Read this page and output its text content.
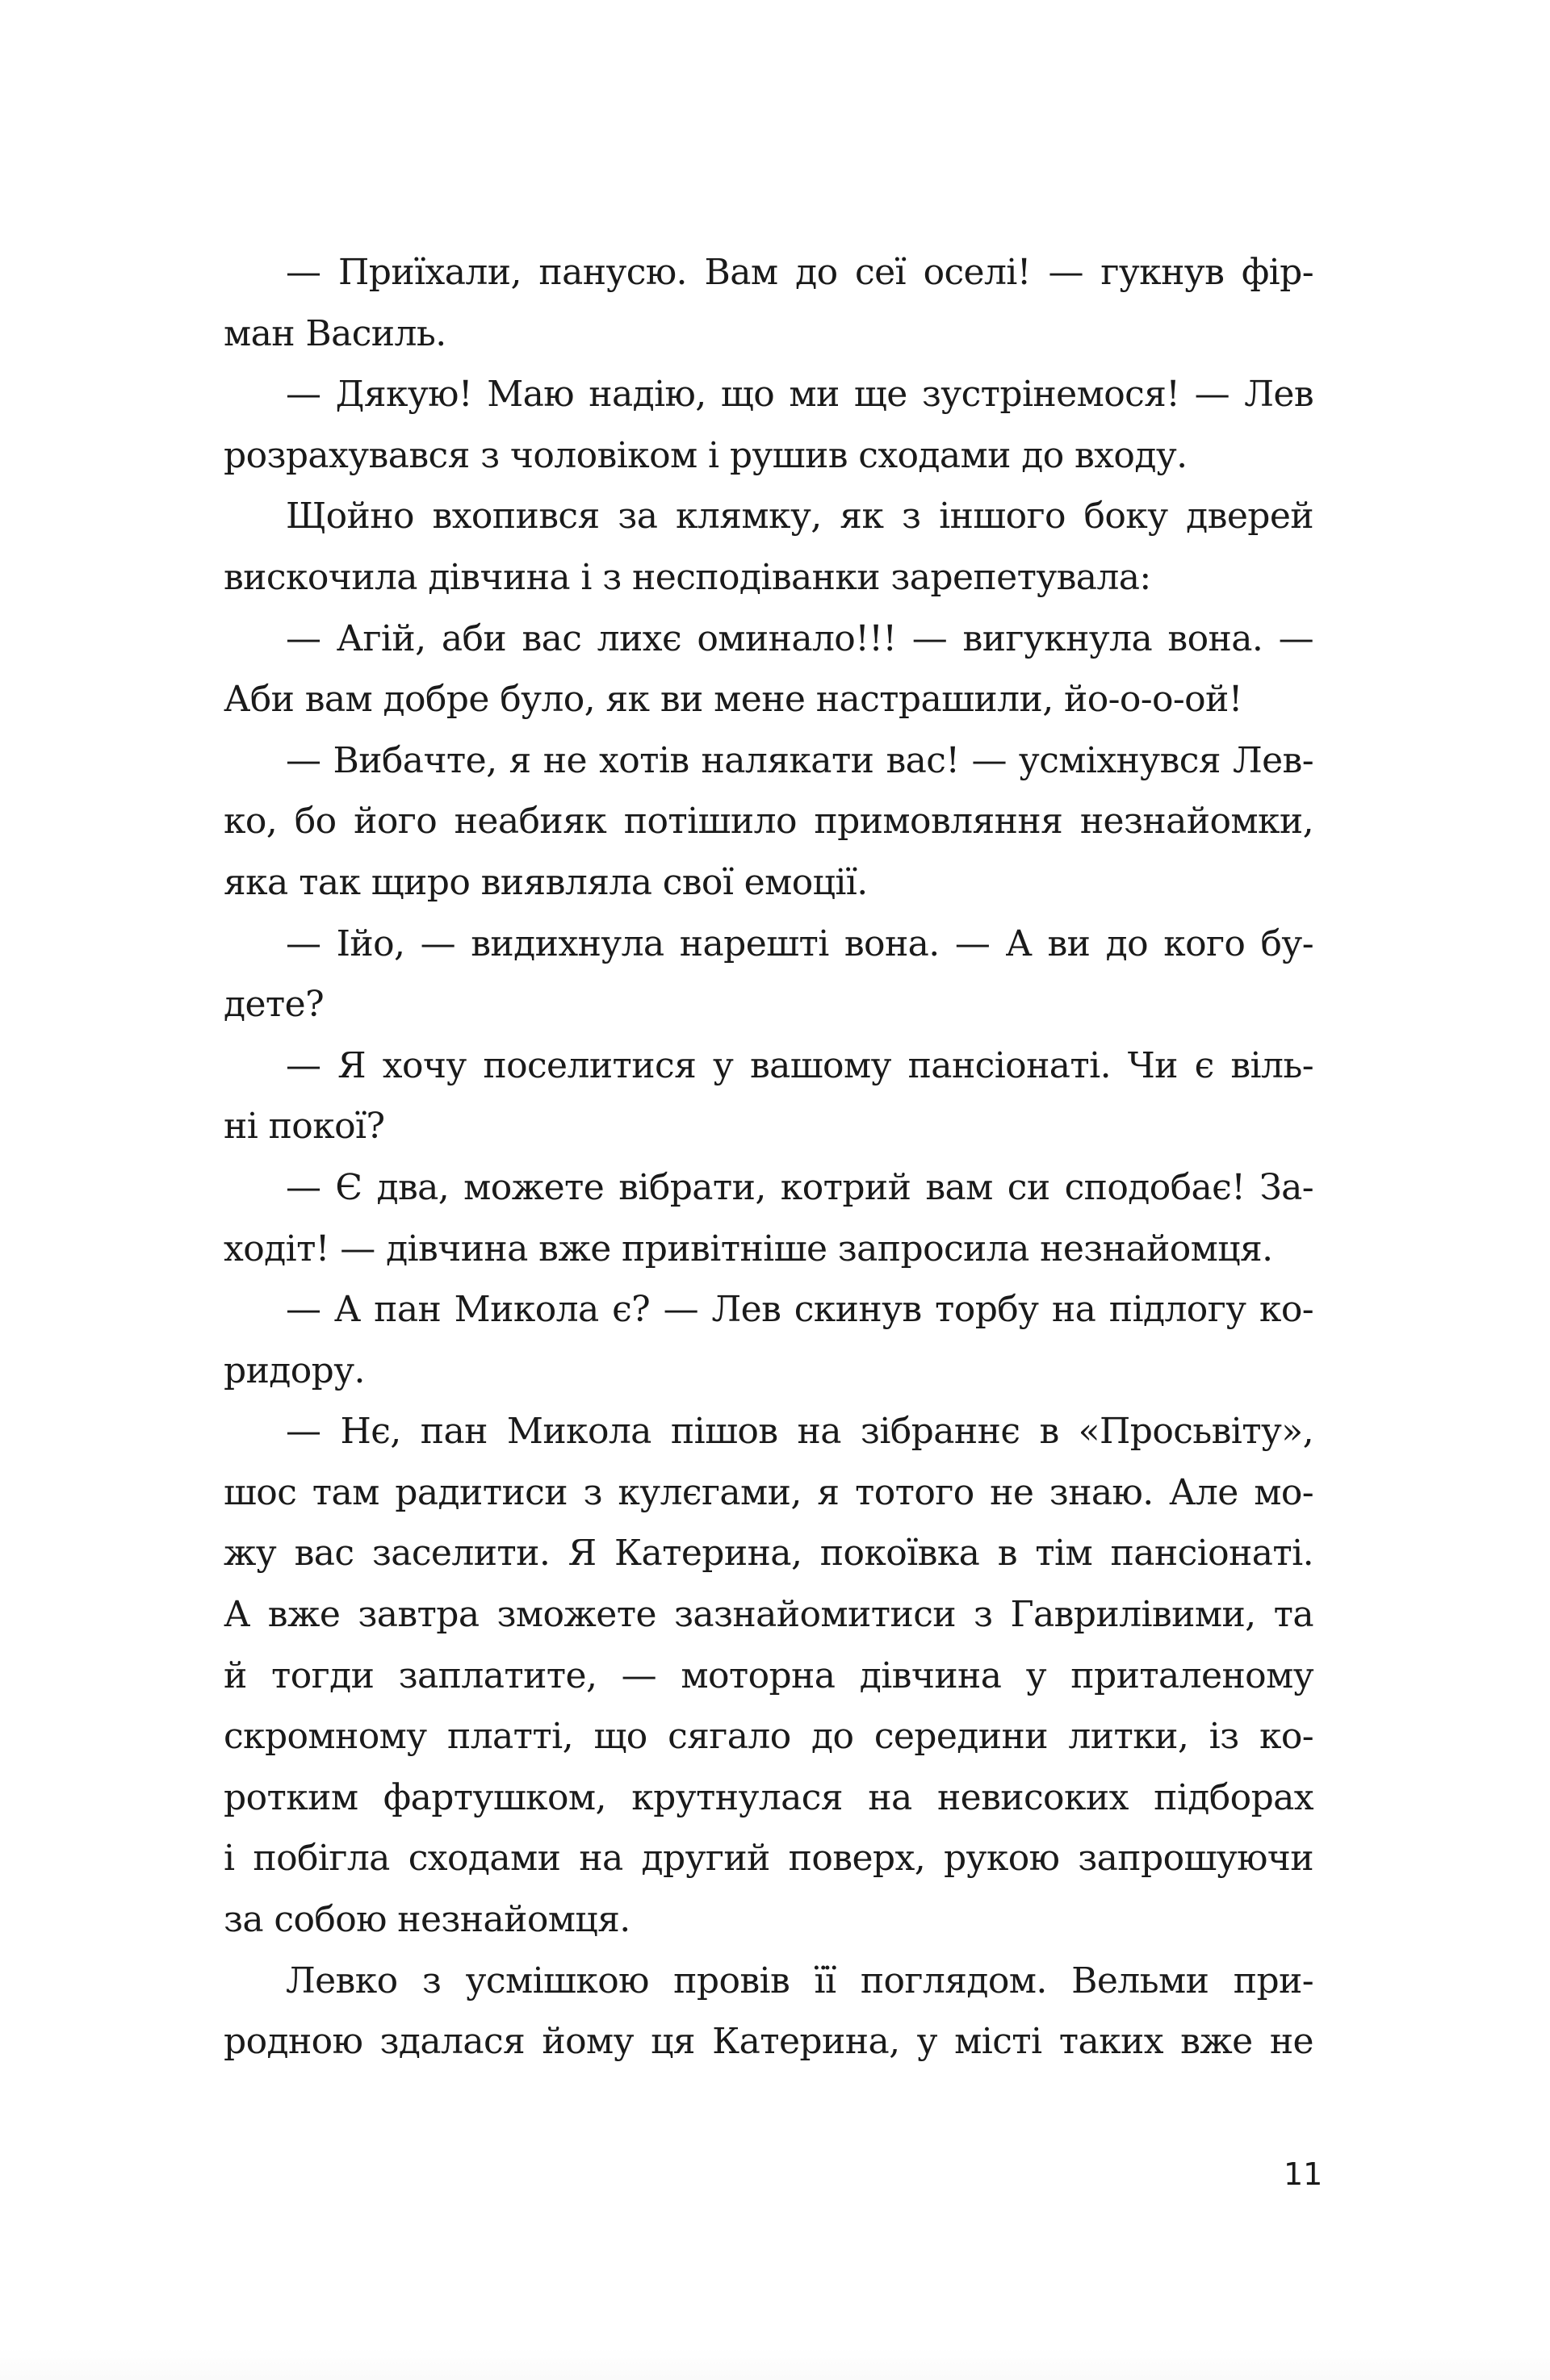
— Приїхали, панусю. Вам до сеї оселі! — гукнув фір-
ман Василь.
— Дякую! Маю надію, що ми ще зустрінемося! — Лев
розрахувався з чоловіком і рушив сходами до входу.
Щойно вхопився за клямку, як з іншого боку дверей
вискочила дівчина і з несподіванки зарепетувала:
— Агій, аби вас лихє оминало!!! — вигукнула вона. —
Аби вам добре було, як ви мене настрашили, йо-о-о-ой!
— Вибачте, я не хотів налякати вас! — усміхнувся Лев-
ко, бо його неабияк потішило примовляння незнайомки,
яка так щиро виявляла свої емоції.
— Ійо, — видихнула нарешті вона. — А ви до кого бу-
дете?
— Я хочу поселитися у вашому пансіонаті. Чи є віль-
ні покої?
— Є два, можете вібрати, котрий вам си сподобає! За-
ходіт! — дівчина вже привітніше запросила незнайомця.
— А пан Микола є? — Лев скинув торбу на підлогу ко-
ридору.
— Нє, пан Микола пішов на зібраннє в «Просьвіту»,
шос там радитиси з кулєгами, я тотого не знаю. Але мо-
жу вас заселити. Я Катерина, покоївка в тім пансіонаті.
А вже завтра зможете зазнайомитиси з Гаврилівими, та
й тогди заплатите, — моторна дівчина у приталеному
скромному платті, що сягало до середини литки, із ко-
ротким фартушком, крутнулася на невисоких підборах
і побігла сходами на другий поверх, рукою запрошуючи
за собою незнайомця.
Левко з усмішкою провів її поглядом. Вельми при-
родною здалася йому ця Катерина, у місті таких вже не
11
